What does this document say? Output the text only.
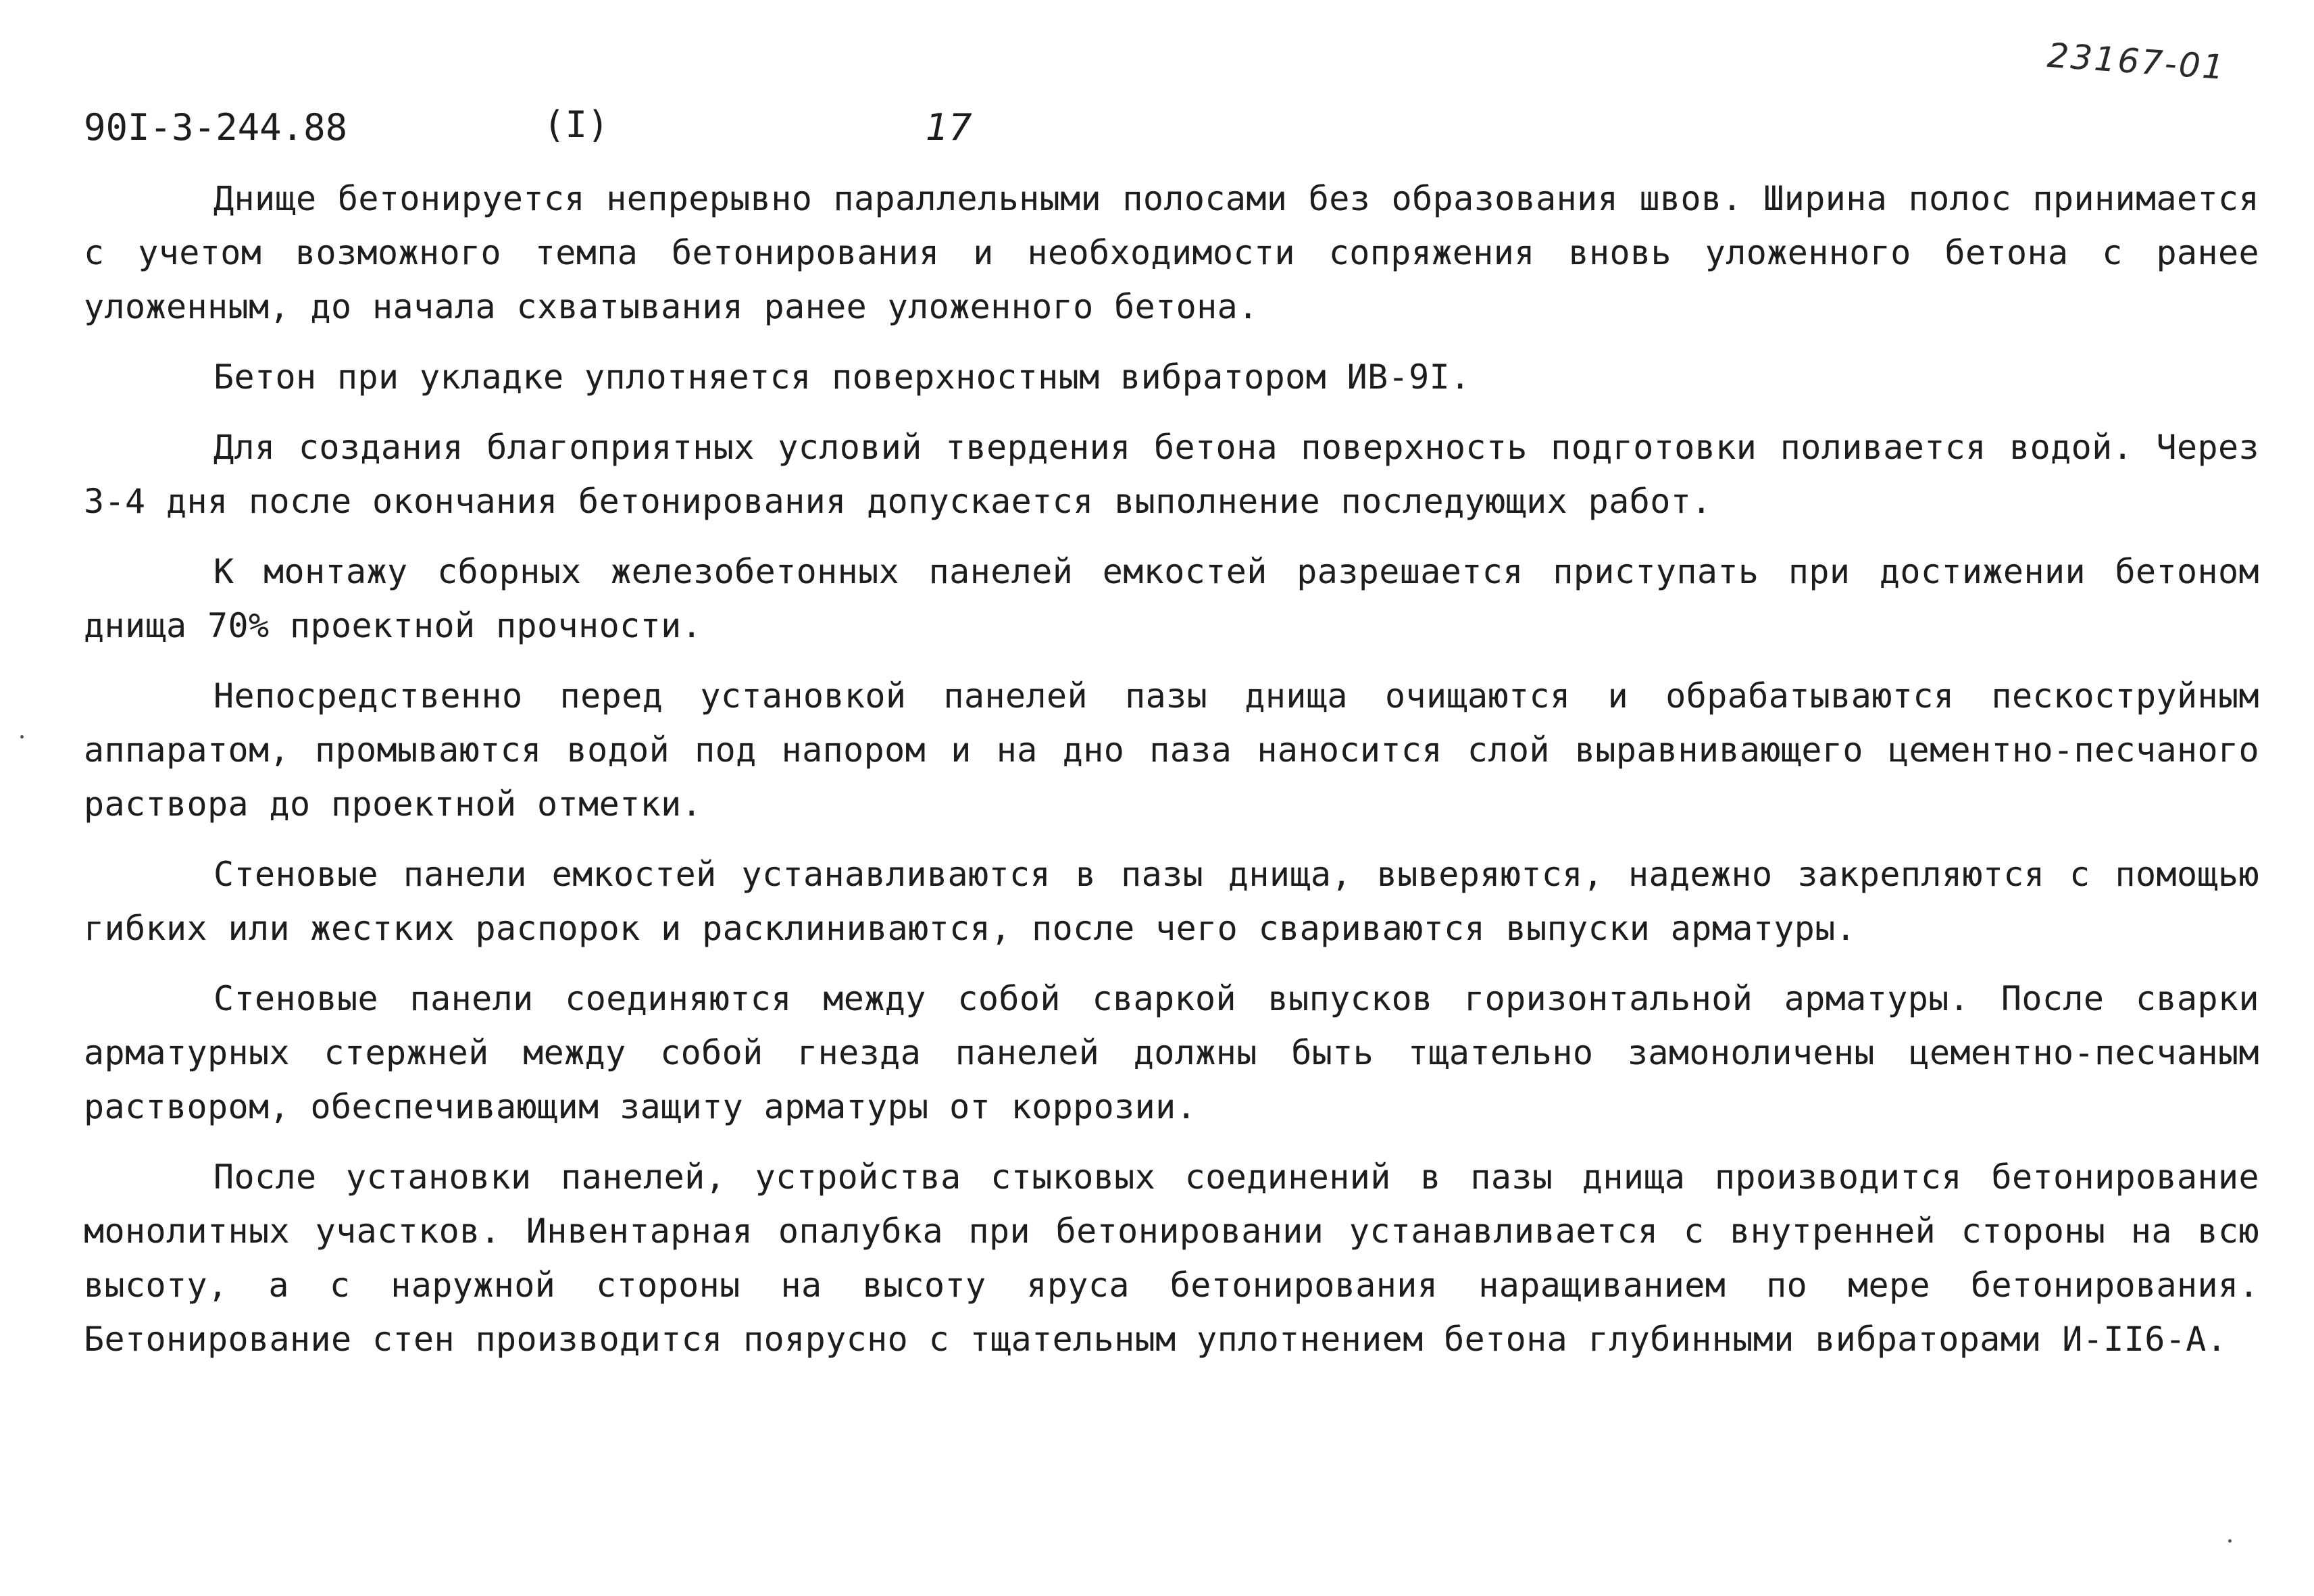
23167-01

90I-3-244.88

	(I)

	17

Днище бетонируется непрерывно параллельными полосами без образования швов. Ширина полос принимается с учетом возможного темпа бетонирования и необходимости сопряжения вновь уложенного бетона с ранее уложенным, до начала схватывания ранее уложенного бетона.

Бетон при укладке уплотняется поверхностным вибратором ИВ-9I.

Для создания благоприятных условий твердения бетона поверхность подготовки поливается водой. Через 3-4 дня после окончания бетонирования допускается выполнение последующих работ.

К монтажу сборных железобетонных панелей емкостей разрешается приступать при достижении бетоном днища 70% проектной прочности.

Непосредственно перед установкой панелей пазы днища очищаются и обрабатываются пескоструйным аппаратом, промываются водой под напором и на дно паза наносится слой выравнивающего цементно-песчаного раствора до проектной отметки.

Стеновые панели емкостей устанавливаются в пазы днища, выверяются, надежно закрепляются с помощью гибких или жестких распорок и расклиниваются, после чего свариваются выпуски арматуры.

Стеновые панели соединяются между собой сваркой выпусков горизонтальной арматуры. После сварки арматурных стержней между собой гнезда панелей должны быть тщательно замоноличены цементно-песчаным раствором, обеспечивающим защиту арматуры от коррозии.

После установки панелей, устройства стыковых соединений в пазы днища производится бетонирование монолитных участков. Инвентарная опалубка при бетонировании устанавливается с внутренней стороны на всю высоту, а с наружной стороны на высоту яруса бетонирования наращиванием по мере бетонирования. Бетонирование стен производится поярусно с тщательным уплотнением бетона глубинными вибраторами И-II6-А.
